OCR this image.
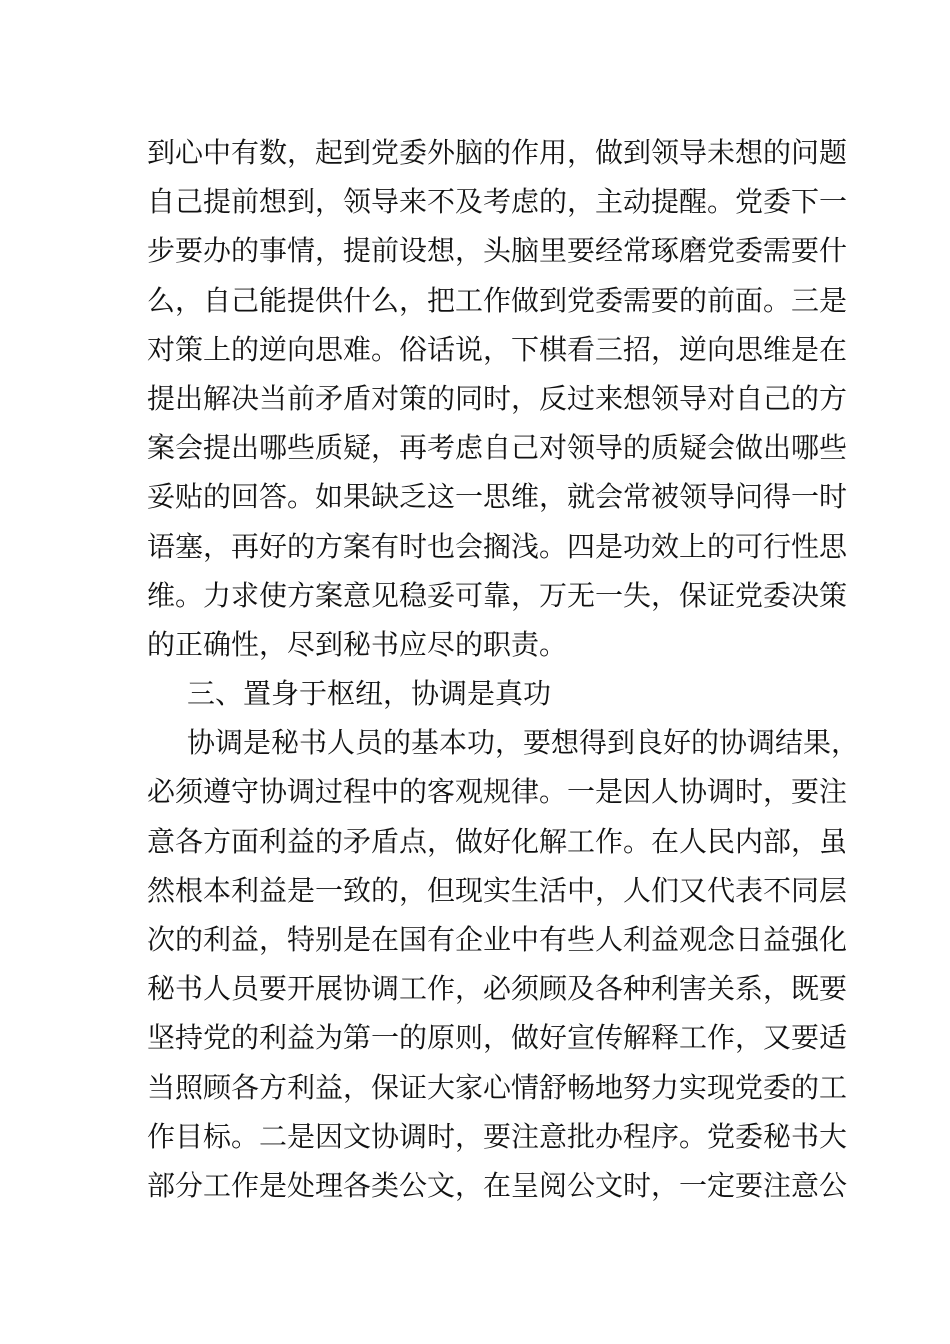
到心中有数，起到党委外脑的作用，做到领导未想的问题
自己提前想到，领导来不及考虑的，主动提醒。党委下一
步要办的事情，提前设想，头脑里要经常琢磨党委需要什
么，自己能提供什么，把工作做到党委需要的前面。三是
对策上的逆向思难。俗话说，下棋看三招，逆向思维是在
提出解决当前矛盾对策的同时，反过来想领导对自己的方
案会提出哪些质疑，再考虑自己对领导的质疑会做出哪些
妥贴的回答。如果缺乏这一思维，就会常被领导问得一时
语塞，再好的方案有时也会搁浅。四是功效上的可行性思
维。力求使方案意见稳妥可靠，万无一失，保证党委决策
的正确性，尽到秘书应尽的职责。
三、置身于枢纽，协调是真功
协调是秘书人员的基本功，要想得到良好的协调结果，
必须遵守协调过程中的客观规律。一是因人协调时，要注
意各方面利益的矛盾点，做好化解工作。在人民内部，虽
然根本利益是一致的，但现实生活中，人们又代表不同层
次的利益，特别是在国有企业中有些人利益观念日益强化
秘书人员要开展协调工作，必须顾及各种利害关系，既要
坚持党的利益为第一的原则，做好宣传解释工作，又要适
当照顾各方利益，保证大家心情舒畅地努力实现党委的工
作目标。二是因文协调时，要注意批办程序。党委秘书大
部分工作是处理各类公文，在呈阅公文时，一定要注意公
